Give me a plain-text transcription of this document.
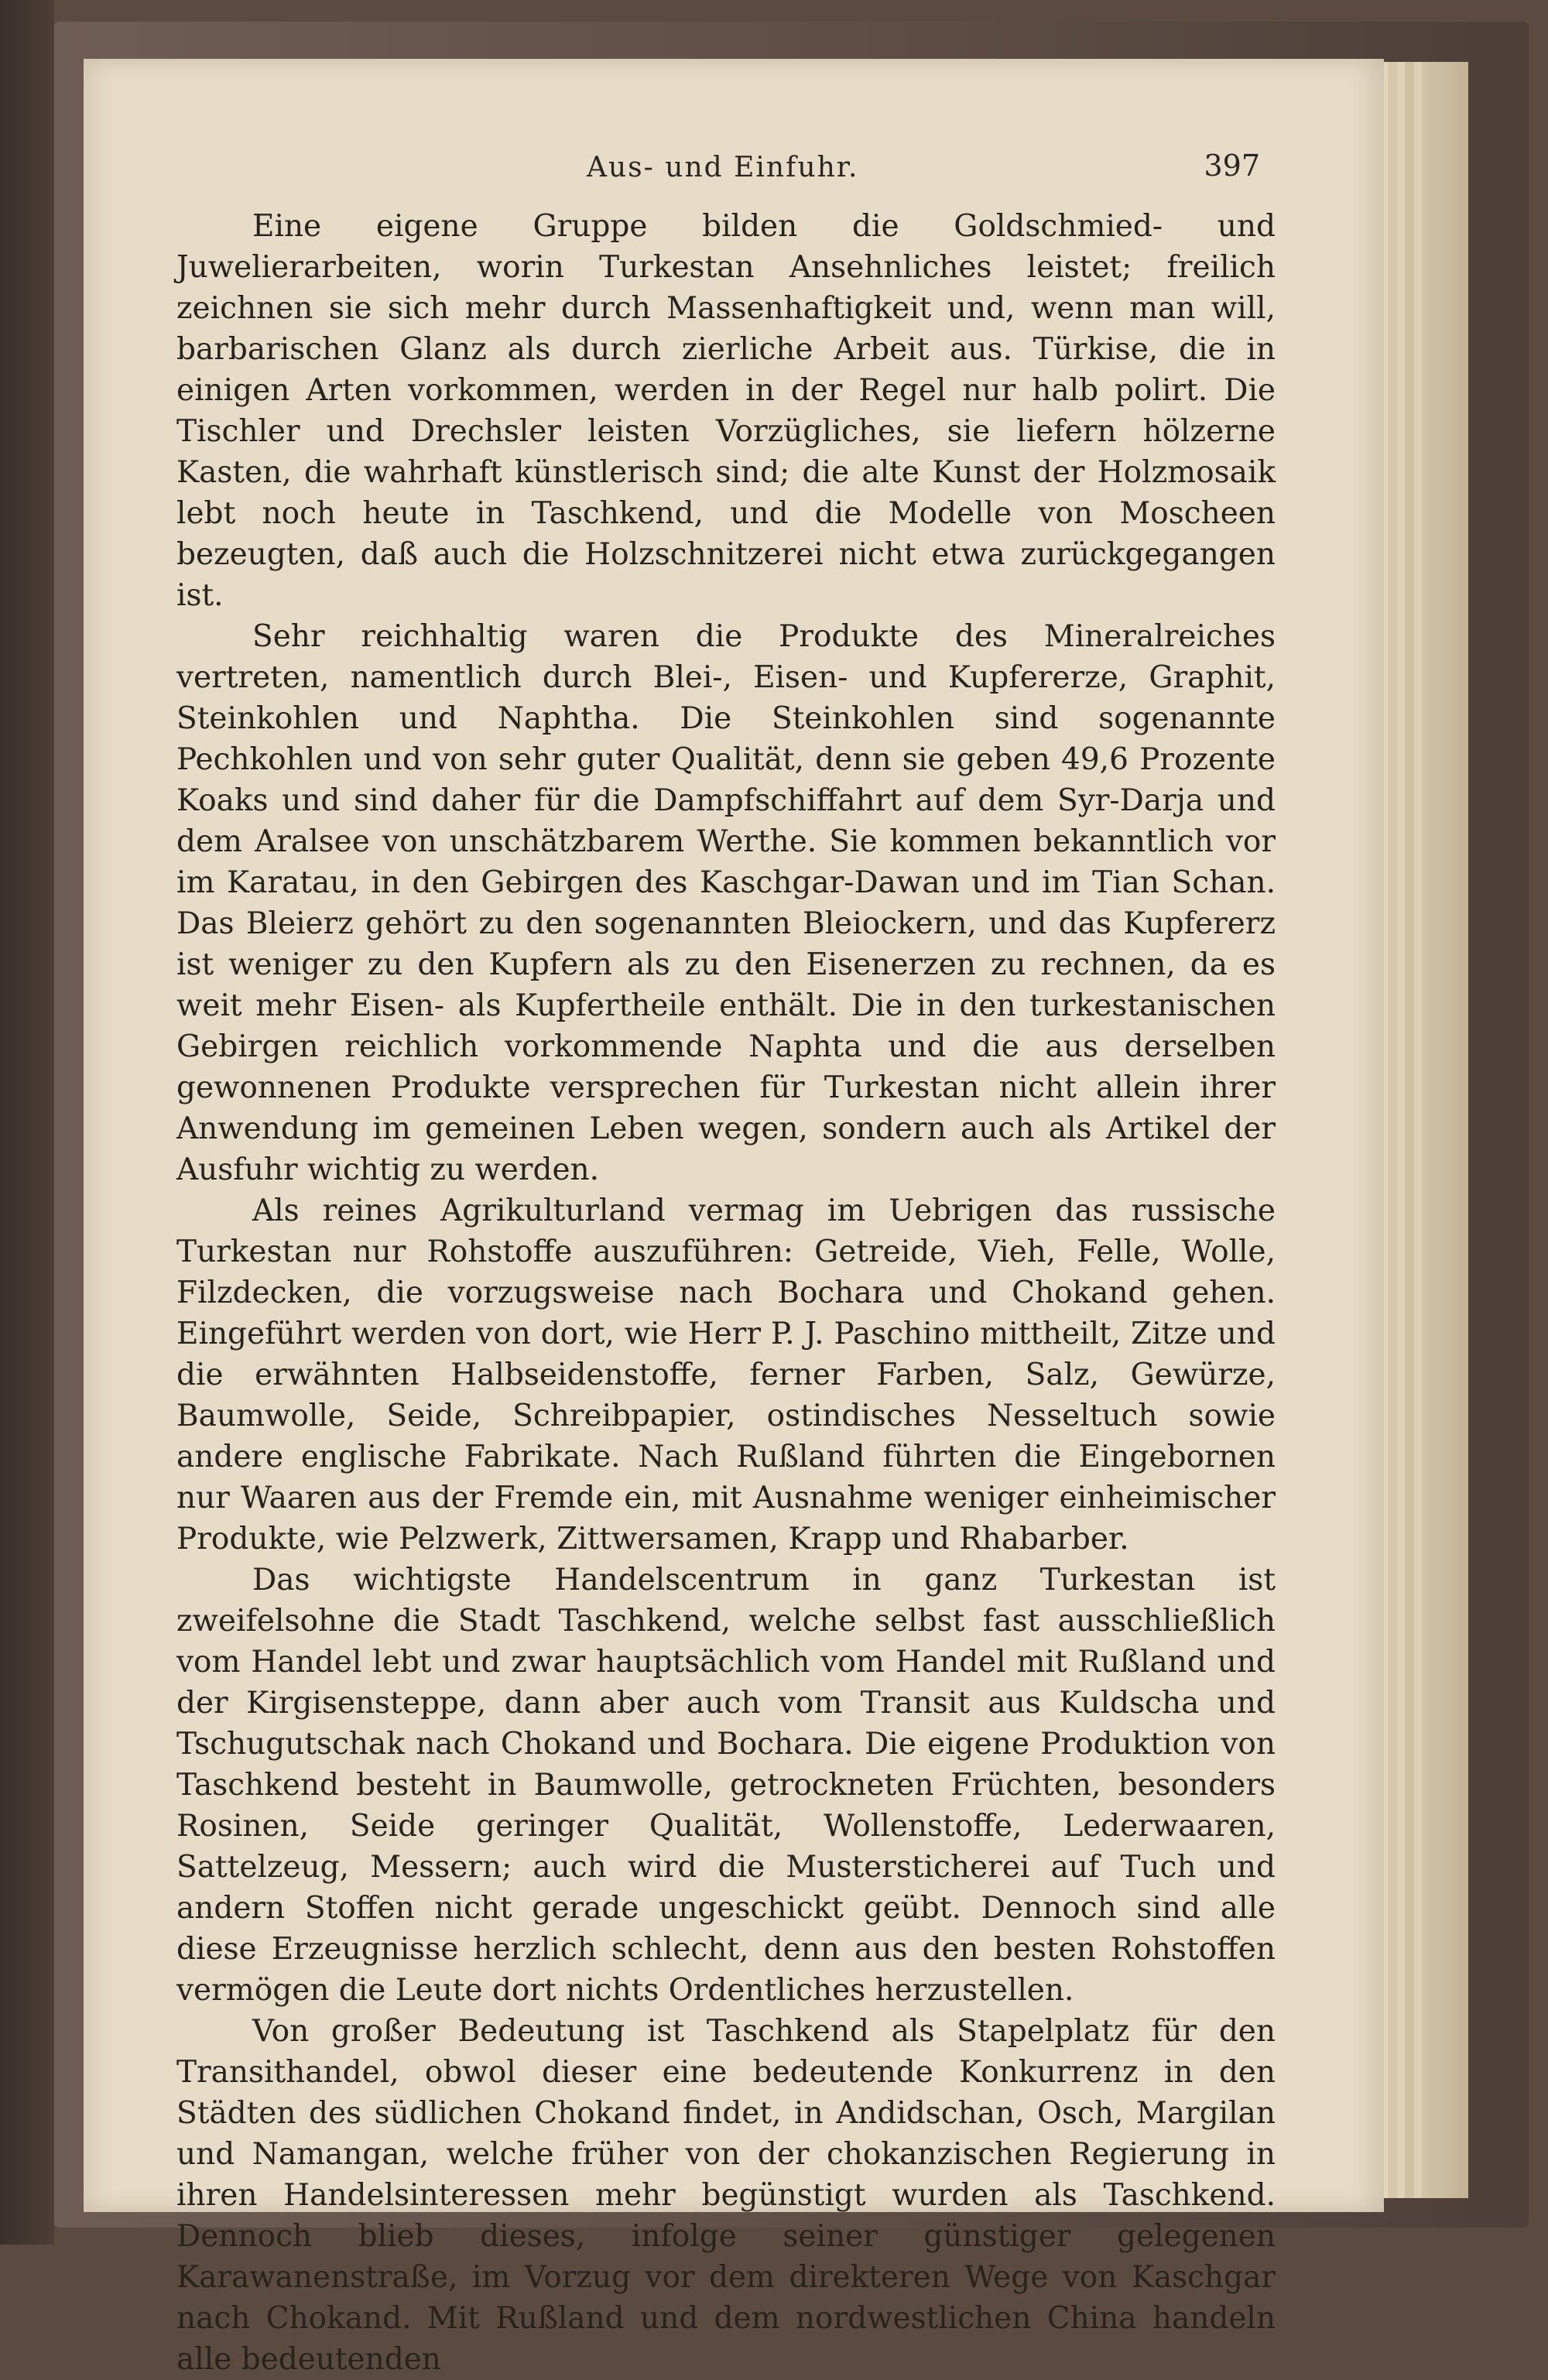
Aus- und Einfuhr.	397

Eine eigene Gruppe bilden die Goldschmied- und Juwelierarbeiten, worin Turkestan Ansehnliches leistet; freilich zeichnen sie sich mehr durch Massenhaftigkeit und, wenn man will, barbarischen Glanz als durch zierliche Arbeit aus. Türkise, die in einigen Arten vorkommen, werden in der Regel nur halb polirt. Die Tischler und Drechsler leisten Vorzügliches, sie liefern hölzerne Kasten, die wahrhaft künstlerisch sind; die alte Kunst der Holzmosaik lebt noch heute in Taschkend, und die Modelle von Moscheen bezeugten, daß auch die Holzschnitzerei nicht etwa zurückgegangen ist.

Sehr reichhaltig waren die Produkte des Mineralreiches vertreten, namentlich durch Blei-, Eisen- und Kupfererze, Graphit, Steinkohlen und Naphtha. Die Steinkohlen sind sogenannte Pechkohlen und von sehr guter Qualität, denn sie geben 49,6 Prozente Koaks und sind daher für die Dampfschiffahrt auf dem Syr-Darja und dem Aralsee von unschätzbarem Werthe. Sie kommen bekanntlich vor im Karatau, in den Gebirgen des Kaschgar-Dawan und im Tian Schan. Das Bleierz gehört zu den sogenannten Bleiockern, und das Kupfererz ist weniger zu den Kupfern als zu den Eisenerzen zu rechnen, da es weit mehr Eisen- als Kupfertheile enthält. Die in den turkestanischen Gebirgen reichlich vorkommende Naphta und die aus derselben gewonnenen Produkte versprechen für Turkestan nicht allein ihrer Anwendung im gemeinen Leben wegen, sondern auch als Artikel der Ausfuhr wichtig zu werden.

Als reines Agrikulturland vermag im Uebrigen das russische Turkestan nur Rohstoffe auszuführen: Getreide, Vieh, Felle, Wolle, Filzdecken, die vorzugsweise nach Bochara und Chokand gehen. Eingeführt werden von dort, wie Herr P. J. Paschino mittheilt, Zitze und die erwähnten Halbseidenstoffe, ferner Farben, Salz, Gewürze, Baumwolle, Seide, Schreibpapier, ostindisches Nesseltuch sowie andere englische Fabrikate. Nach Rußland führten die Eingebornen nur Waaren aus der Fremde ein, mit Ausnahme weniger einheimischer Produkte, wie Pelzwerk, Zittwersamen, Krapp und Rhabarber.

Das wichtigste Handelscentrum in ganz Turkestan ist zweifelsohne die Stadt Taschkend, welche selbst fast ausschließlich vom Handel lebt und zwar hauptsächlich vom Handel mit Rußland und der Kirgisensteppe, dann aber auch vom Transit aus Kuldscha und Tschugutschak nach Chokand und Bochara. Die eigene Produktion von Taschkend besteht in Baumwolle, getrockneten Früchten, besonders Rosinen, Seide geringer Qualität, Wollenstoffe, Lederwaaren, Sattelzeug, Messern; auch wird die Mustersticherei auf Tuch und andern Stoffen nicht gerade ungeschickt geübt. Dennoch sind alle diese Erzeugnisse herzlich schlecht, denn aus den besten Rohstoffen vermögen die Leute dort nichts Ordentliches herzustellen.

Von großer Bedeutung ist Taschkend als Stapelplatz für den Transithandel, obwol dieser eine bedeutende Konkurrenz in den Städten des südlichen Chokand findet, in Andidschan, Osch, Margilan und Namangan, welche früher von der chokanzischen Regierung in ihren Handelsinteressen mehr begünstigt wurden als Taschkend. Dennoch blieb dieses, infolge seiner günstiger gelegenen Karawanenstraße, im Vorzug vor dem direkteren Wege von Kaschgar nach Chokand. Mit Rußland und dem nordwestlichen China handeln alle bedeutenden
